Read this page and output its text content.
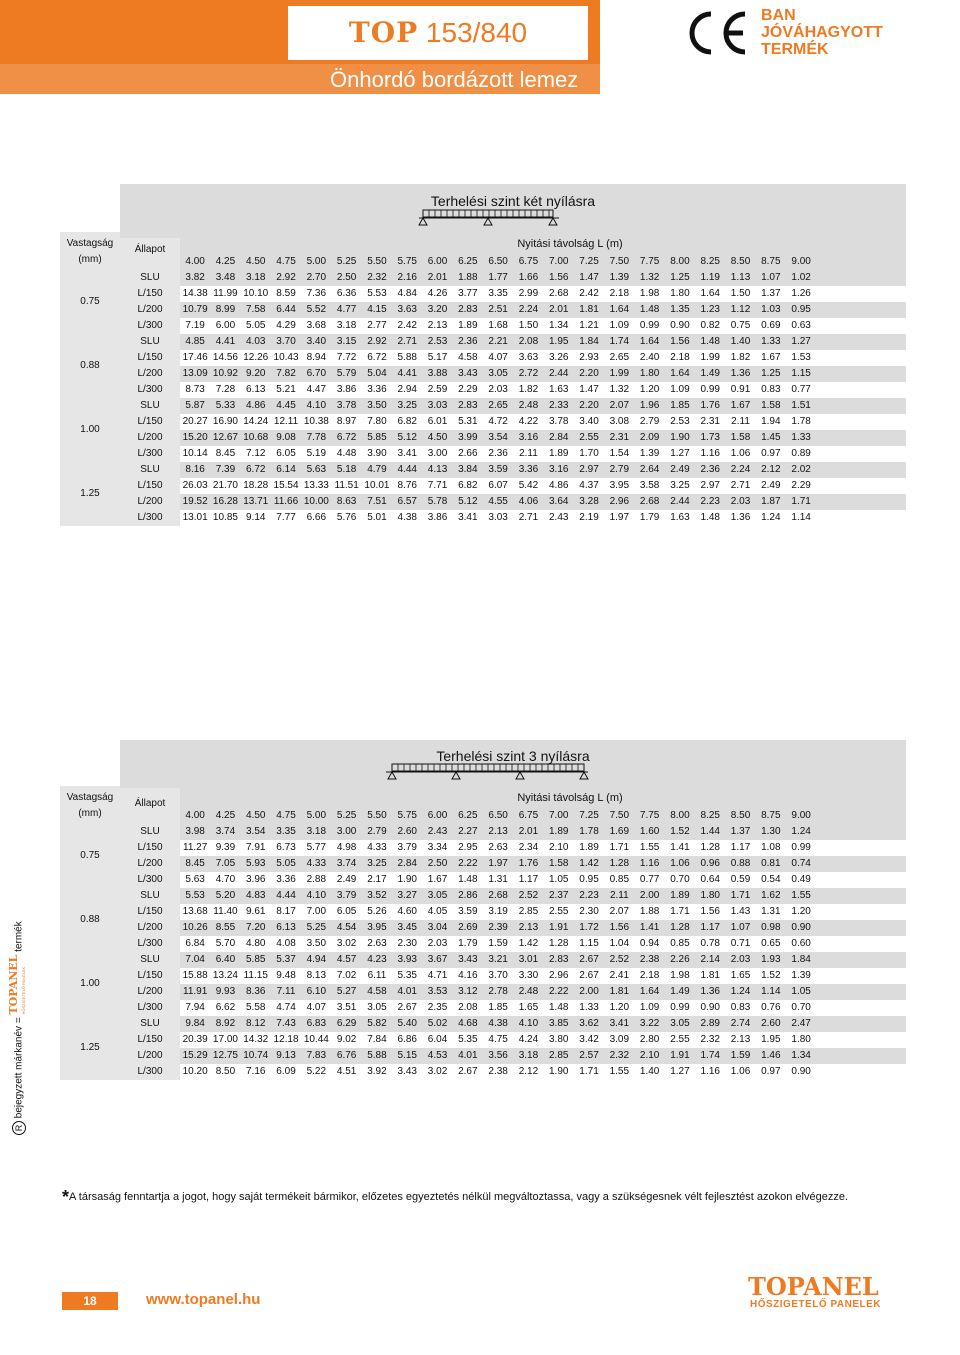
TOP 153/840
Önhordó bordázott lemez
BAN
JÓVÁHAGYOTT
TERMÉK
Terhelési szint két nyílásra
Vastagság
(mm)
Állapot	Nyitási távolság L (m)
4.00	4.25	4.50	4.75	5.00	5.25	5.50	5.75	6.00	6.25	6.50	6.75	7.00	7.25	7.50	7.75	8.00	8.25	8.50	8.75	9.00
0.75
SLU	3.82	3.48	3.18	2.92	2.70	2.50	2.32	2.16	2.01	1.88	1.77	1.66	1.56	1.47	1.39	1.32	1.25	1.19	1.13	1.07	1.02
L/150	14.38 11.99 10.10 8.59	7.36	6.36	5.53	4.84	4.26	3.77	3.35	2.99	2.68	2.42	2.18	1.98	1.80	1.64	1.50	1.37	1.26
L/200	10.79 8.99	7.58	6.44	5.52	4.77	4.15	3.63	3.20	2.83	2.51	2.24	2.01	1.81	1.64	1.48	1.35	1.23	1.12	1.03	0.95
L/300	7.19	6.00	5.05	4.29	3.68	3.18	2.77	2.42	2.13	1.89	1.68	1.50	1.34	1.21	1.09	0.99	0.90	0.82	0.75	0.69	0.63
0.88
SLU	4.85	4.41	4.03	3.70	3.40	3.15	2.92	2.71	2.53	2.36	2.21	2.08	1.95	1.84	1.74	1.64	1.56	1.48	1.40	1.33	1.27
L/150	17.46 14.56 12.26 10.43 8.94	7.72	6.72	5.88	5.17	4.58	4.07	3.63	3.26	2.93	2.65	2.40	2.18	1.99	1.82	1.67	1.53
L/200	13.09 10.92 9.20	7.82	6.70	5.79	5.04	4.41	3.88	3.43	3.05	2.72	2.44	2.20	1.99	1.80	1.64	1.49	1.36	1.25	1.15
L/300	8.73	7.28	6.13	5.21	4.47	3.86	3.36	2.94	2.59	2.29	2.03	1.82	1.63	1.47	1.32	1.20	1.09	0.99	0.91	0.83	0.77
1.00
SLU	5.87	5.33	4.86	4.45	4.10	3.78	3.50	3.25	3.03	2.83	2.65	2.48	2.33	2.20	2.07	1.96	1.85	1.76	1.67	1.58	1.51
L/150	20.27 16.90 14.24 12.11 10.38 8.97	7.80	6.82	6.01	5.31	4.72	4.22	3.78	3.40	3.08	2.79	2.53	2.31	2.11	1.94	1.78
L/200	15.20 12.67 10.68 9.08	7.78	6.72	5.85	5.12	4.50	3.99	3.54	3.16	2.84	2.55	2.31	2.09	1.90	1.73	1.58	1.45	1.33
L/300	10.14 8.45	7.12	6.05	5.19	4.48	3.90	3.41	3.00	2.66	2.36	2.11	1.89	1.70	1.54	1.39	1.27	1.16	1.06	0.97	0.89
1.25
SLU	8.16	7.39	6.72	6.14	5.63	5.18	4.79	4.44	4.13	3.84	3.59	3.36	3.16	2.97	2.79	2.64	2.49	2.36	2.24	2.12	2.02
L/150	26.03 21.70 18.28 15.54 13.33 11.51 10.01 8.76	7.71	6.82	6.07	5.42	4.86	4.37	3.95	3.58	3.25	2.97	2.71	2.49	2.29
L/200	19.52 16.28 13.71 11.66 10.00 8.63	7.51	6.57	5.78	5.12	4.55	4.06	3.64	3.28	2.96	2.68	2.44	2.23	2.03	1.87	1.71
L/300	13.01 10.85 9.14	7.77	6.66	5.76	5.01	4.38	3.86	3.41	3.03	2.71	2.43	2.19	1.97	1.79	1.63	1.48	1.36	1.24	1.14
Terhelési szint 3 nyílásra
Vastagság
(mm)
Állapot	Nyitási távolság L (m)
4.00	4.25	4.50	4.75	5.00	5.25	5.50	5.75	6.00	6.25	6.50	6.75	7.00	7.25	7.50	7.75	8.00	8.25	8.50	8.75	9.00
0.75
SLU	3.98	3.74	3.54	3.35	3.18	3.00	2.79	2.60	2.43	2.27	2.13	2.01	1.89	1.78	1.69	1.60	1.52	1.44	1.37	1.30	1.24
L/150	11.27 9.39	7.91	6.73	5.77	4.98	4.33	3.79	3.34	2.95	2.63	2.34	2.10	1.89	1.71	1.55	1.41	1.28	1.17	1.08	0.99
L/200	8.45	7.05	5.93	5.05	4.33	3.74	3.25	2.84	2.50	2.22	1.97	1.76	1.58	1.42	1.28	1.16	1.06	0.96	0.88	0.81	0.74
L/300	5.63	4.70	3.96	3.36	2.88	2.49	2.17	1.90	1.67	1.48	1.31	1.17	1.05	0.95	0.85	0.77	0.70	0.64	0.59	0.54	0.49
0.88
SLU	5.53	5.20	4.83	4.44	4.10	3.79	3.52	3.27	3.05	2.86	2.68	2.52	2.37	2.23	2.11	2.00	1.89	1.80	1.71	1.62	1.55
L/150	13.68 11.40 9.61	8.17	7.00	6.05	5.26	4.60	4.05	3.59	3.19	2.85	2.55	2.30	2.07	1.88	1.71	1.56	1.43	1.31	1.20
L/200	10.26 8.55	7.20	6.13	5.25	4.54	3.95	3.45	3.04	2.69	2.39	2.13	1.91	1.72	1.56	1.41	1.28	1.17	1.07	0.98	0.90
L/300	6.84	5.70	4.80	4.08	3.50	3.02	2.63	2.30	2.03	1.79	1.59	1.42	1.28	1.15	1.04	0.94	0.85	0.78	0.71	0.65	0.60
1.00
SLU	7.04	6.40	5.85	5.37	4.94	4.57	4.23	3.93	3.67	3.43	3.21	3.01	2.83	2.67	2.52	2.38	2.26	2.14	2.03	1.93	1.84
L/150	15.88 13.24 11.15 9.48	8.13	7.02	6.11	5.35	4.71	4.16	3.70	3.30	2.96	2.67	2.41	2.18	1.98	1.81	1.65	1.52	1.39
L/200	11.91 9.93	8.36	7.11	6.10	5.27	4.58	4.01	3.53	3.12	2.78	2.48	2.22	2.00	1.81	1.64	1.49	1.36	1.24	1.14	1.05
L/300	7.94	6.62	5.58	4.74	4.07	3.51	3.05	2.67	2.35	2.08	1.85	1.65	1.48	1.33	1.20	1.09	0.99	0.90	0.83	0.76	0.70
1.25
SLU	9.84	8.92	8.12	7.43	6.83	6.29	5.82	5.40	5.02	4.68	4.38	4.10	3.85	3.62	3.41	3.22	3.05	2.89	2.74	2.60	2.47
L/150	20.39 17.00 14.32 12.18 10.44 9.02	7.84	6.86	6.04	5.35	4.75	4.24	3.80	3.42	3.09	2.80	2.55	2.32	2.13	1.95	1.80
L/200	15.29 12.75 10.74 9.13	7.83	6.76	5.88	5.15	4.53	4.01	3.56	3.18	2.85	2.57	2.32	2.10	1.91	1.74	1.59	1.46	1.34
L/300	10.20 8.50	7.16	6.09	5.22	4.51	3.92	3.43	3.02	2.67	2.38	2.12	1.90	1.71	1.55	1.40	1.27	1.16	1.06	0.97	0.90
R bejegyzett márkanév = TOPANEL
HŐSZIGETELŐ PANELEK termék
*A társaság fenntartja a jogot, hogy saját termékeit bármikor, előzetes egyeztetés nélkül megváltoztassa, vagy a szükségesnek vélt fejlesztést azokon elvégezze.
18	www.topanel.hu	TOPANEL
HŐSZIGETELŐ PANELEK
